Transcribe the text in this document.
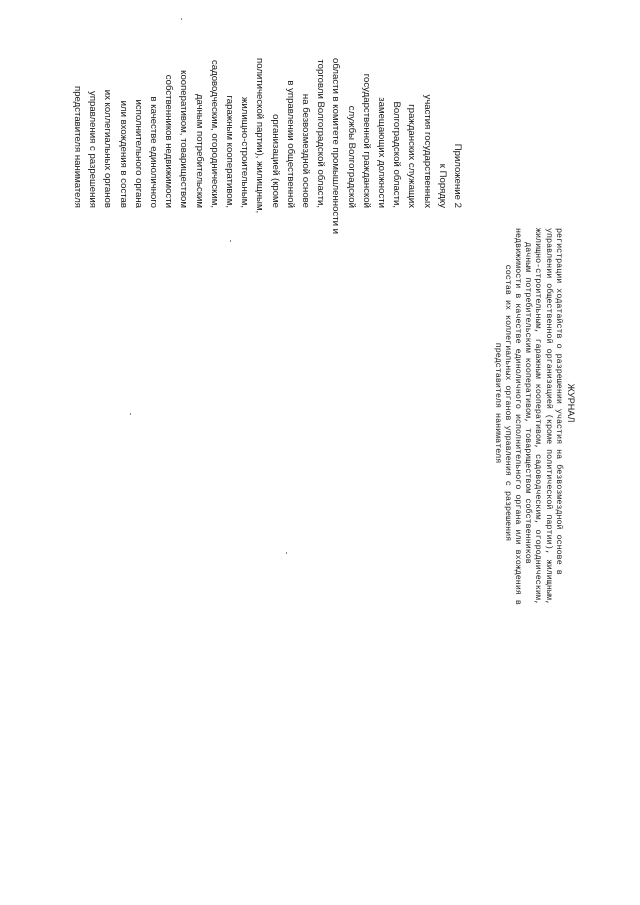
Приложение 2
к Порядку
участия государственных
гражданских служащих
Волгоградской области,
замещающих должности
государственной гражданской
службы Волгоградской
области в комитете промышленности и
торговли Волгоградской области,
на безвозмездной основе
в управлении общественной
организацией (кроме
политической партии), жилищным,
жилищно-строительным,
гаражным кооперативом,
садоводческим, огородническим,
дачным потребительским
кооперативом, товариществом
собственников недвижимости
в качестве единоличного
исполнительного органа
или вхождения в состав
их коллегиальных органов
управления с разрешения
представителя нанимателя
ЖУРНАЛ
регистрации ходатайств о разрешении участия на безвозмездной основе в
управлении общественной организацией (кроме политической партии), жилищным,
жилищно-строительным, гаражным кооперативом, садоводческим, огородническим,
дачным потребительским кооперативом, товариществом собственников
недвижимости в качестве единоличного исполнительного органа или вхождения в
состав их коллегиальных органов управления с разрешения
представителя нанимателя
